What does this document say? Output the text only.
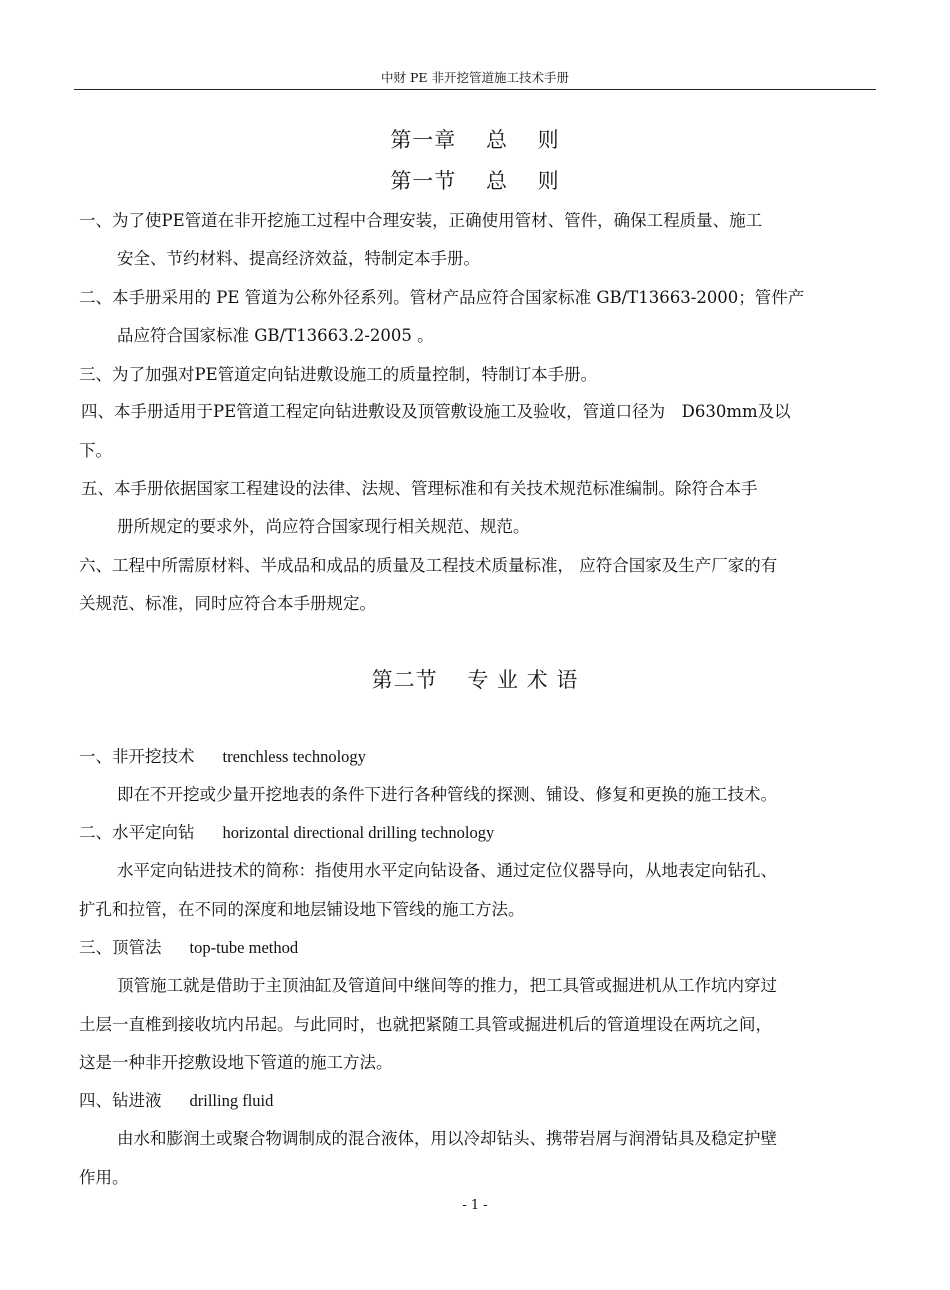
中财 PE 非开挖管道施工技术手册
第一章　 总　 则
第一节　 总　 则
一、为了使PE管道在非开挖施工过程中合理安装，正确使用管材、管件，确保工程质量、施工
安全、节约材料、提高经济效益，特制定本手册。
二、本手册采用的 PE 管道为公称外径系列。管材产品应符合国家标准 GB/T13663-2000；管件产
品应符合国家标准 GB/T13663.2-2005 。
三、为了加强对PE管道定向钻进敷设施工的质量控制，特制订本手册。
四、本手册适用于PE管道工程定向钻进敷设及顶管敷设施工及验收，管道口径为　D630mm及以
下。
五、本手册依据国家工程建设的法律、法规、管理标准和有关技术规范标准编制。除符合本手
册所规定的要求外，尚应符合国家现行相关规范、规范。
六、工程中所需原材料、半成品和成品的质量及工程技术质量标准， 应符合国家及生产厂家的有
关规范、标准，同时应符合本手册规定。
第二节　 专 业 术 语
一、非开挖技术 trenchless technology
即在不开挖或少量开挖地表的条件下进行各种管线的探测、铺设、修复和更换的施工技术。
二、水平定向钻 horizontal directional drilling technology
水平定向钻进技术的简称：指使用水平定向钻设备、通过定位仪器导向，从地表定向钻孔、
扩孔和拉管，在不同的深度和地层铺设地下管线的施工方法。
三、顶管法 top-tube method
顶管施工就是借助于主顶油缸及管道间中继间等的推力，把工具管或掘进机从工作坑内穿过
土层一直椎到接收坑内吊起。与此同时，也就把紧随工具管或掘进机后的管道埋设在两坑之间，
这是一种非开挖敷设地下管道的施工方法。
四、钻进液 drilling fluid
由水和膨润土或聚合物调制成的混合液体，用以冷却钻头、携带岩屑与润滑钻具及稳定护壁
作用。
- 1 -
